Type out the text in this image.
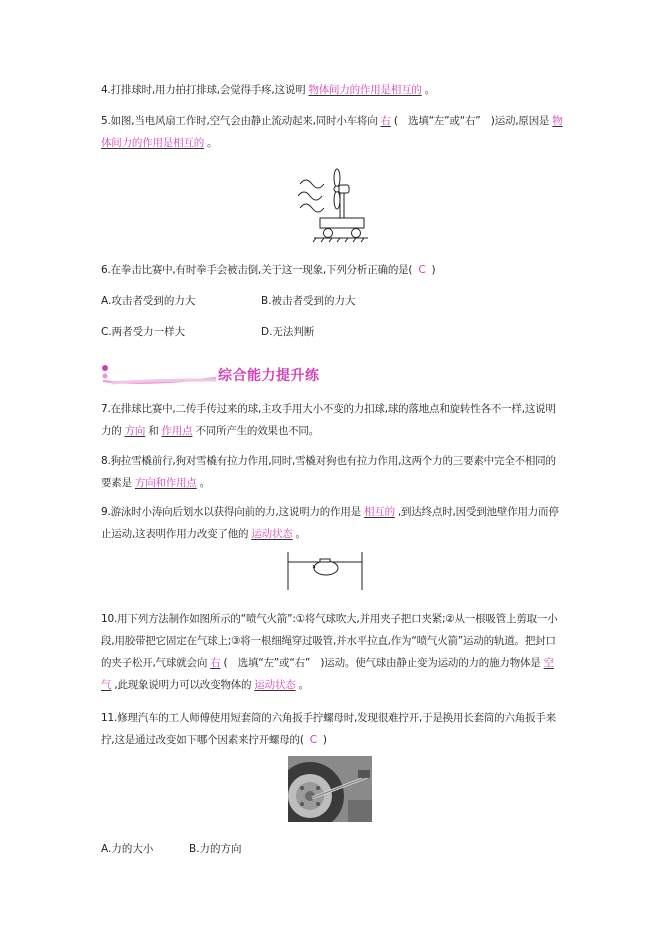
4.打排球时,用力拍打排球,会觉得手疼,这说明 物体间力的作用是相互的 。
5.如图,当电风扇工作时,空气会由静止流动起来,同时小车将向 右 (　选填“左”或“右”　)运动,原因是 物体间力的作用是相互的 。
6.在拳击比赛中,有时拳手会被击倒,关于这一现象,下列分析正确的是( C )
A.攻击者受到的力大	B.被击者受到的力大
C.两者受力一样大	D.无法判断
综合能力提升练
7.在排球比赛中,二传手传过来的球,主攻手用大小不变的力扣球,球的落地点和旋转性各不一样,这说明力的 方向 和 作用点 不同所产生的效果也不同。
8.狗拉雪橇前行,狗对雪橇有拉力作用,同时,雪橇对狗也有拉力作用,这两个力的三要素中完全不相同的要素是 方向和作用点 。
9.游泳时小涛向后划水以获得向前的力,这说明力的作用是 相互的 ,到达终点时,因受到池壁作用力而停止运动,这表明作用力改变了他的 运动状态 。
10.用下列方法制作如图所示的“喷气火箭”:①将气球吹大,并用夹子把口夹紧;②从一根吸管上剪取一小段,用胶带把它固定在气球上;③将一根细绳穿过吸管,并水平拉直,作为“喷气火箭”运动的轨道。把封口的夹子松开,气球就会向 右 (　选填“左”或“右”　)运动。使气球由静止变为运动的力的施力物体是 空气 ,此现象说明力可以改变物体的 运动状态 。
11.修理汽车的工人师傅使用短套筒的六角扳手拧螺母时,发现很难拧开,于是换用长套筒的六角扳手来拧,这是通过改变如下哪个因素来拧开螺母的( C )
A.力的大小	B.力的方向
